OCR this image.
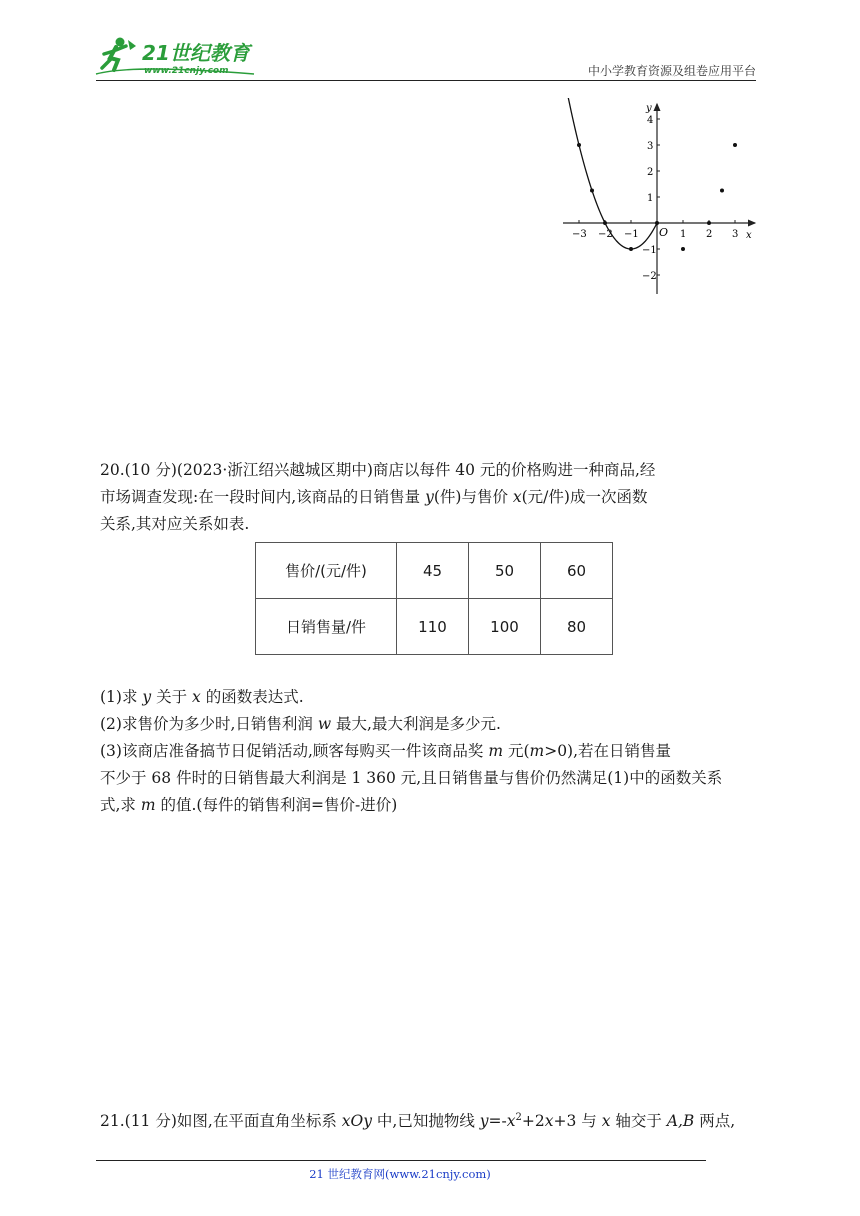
21世纪教育
www.21cnjy.com	中小学教育资源及组卷应用平台
−3 −2 −1	1 2 3
4
3
2
1
−1
−2
y
x
O
20.(10 分)(2023·浙江绍兴越城区期中)商店以每件 40 元的价格购进一种商品,经
市场调查发现:在一段时间内,该商品的日销售量 y(件)与售价 x(元/件)成一次函数
关系,其对应关系如表.
售价/(元/件)	45	50	60
日销售量/件	110	100	80
(1)求 y 关于 x 的函数表达式.
(2)求售价为多少时,日销售利润 w 最大,最大利润是多少元.
(3)该商店准备搞节日促销活动,顾客每购买一件该商品奖 m 元(m>0),若在日销售量
不少于 68 件时的日销售最大利润是 1 360 元,且日销售量与售价仍然满足(1)中的函数关系
式,求 m 的值.(每件的销售利润=售价-进价)
21.(11 分)如图,在平面直角坐标系 xOy 中,已知抛物线 $y=-x^2+2x+3$ 与 x 轴交于 A,B 两点,
21 世纪教育网(www.21cnjy.com)
